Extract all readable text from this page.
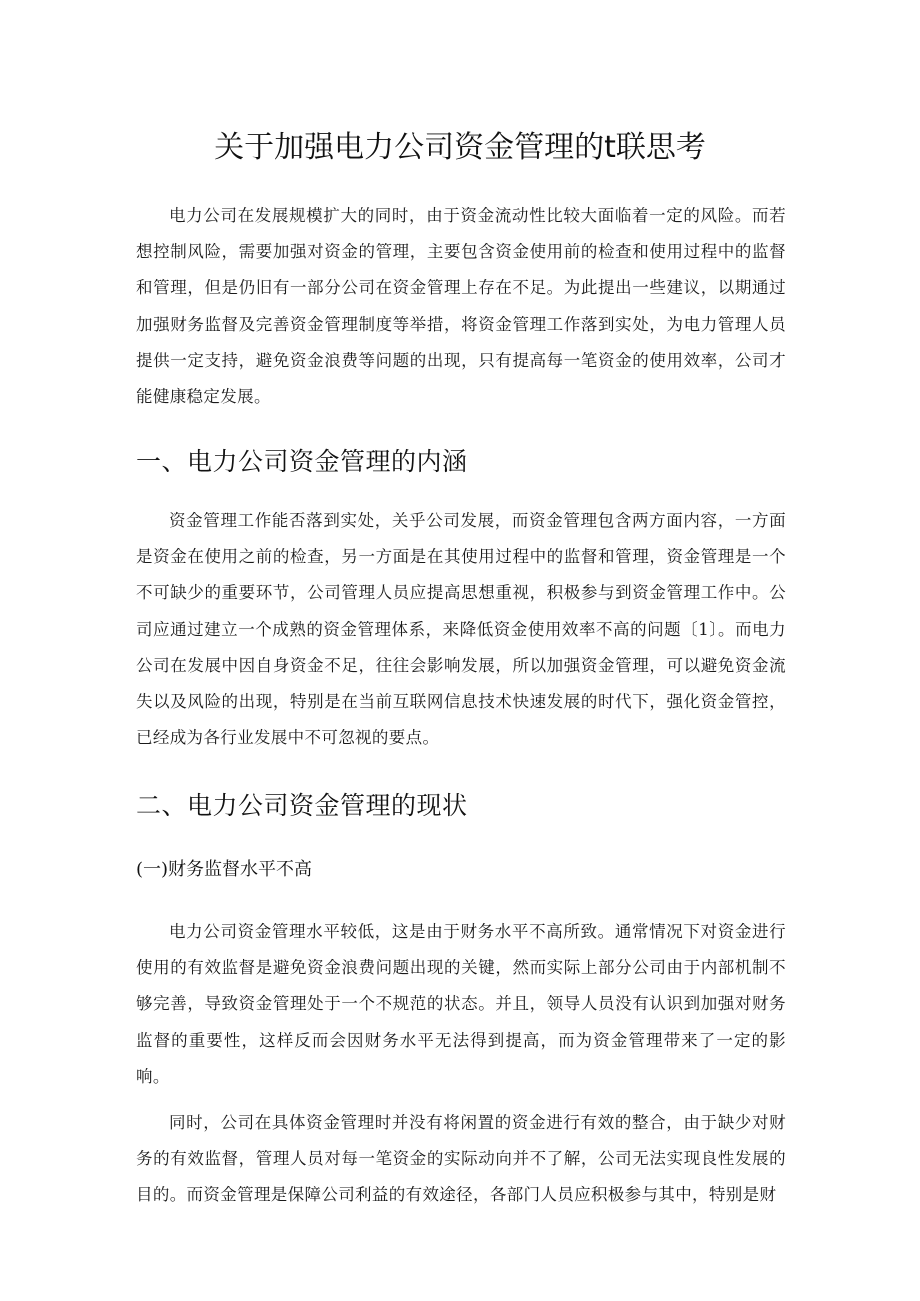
关于加强电力公司资金管理的t联思考

电力公司在发展规模扩大的同时，由于资金流动性比较大面临着一定的风险。而若想控制风险，需要加强对资金的管理，主要包含资金使用前的检查和使用过程中的监督和管理，但是仍旧有一部分公司在资金管理上存在不足。为此提出一些建议，以期通过加强财务监督及完善资金管理制度等举措，将资金管理工作落到实处，为电力管理人员提供一定支持，避免资金浪费等问题的出现，只有提高每一笔资金的使用效率，公司才能健康稳定发展。

一、电力公司资金管理的内涵

资金管理工作能否落到实处，关乎公司发展，而资金管理包含两方面内容，一方面是资金在使用之前的检查，另一方面是在其使用过程中的监督和管理，资金管理是一个不可缺少的重要环节，公司管理人员应提高思想重视，积极参与到资金管理工作中。公司应通过建立一个成熟的资金管理体系，来降低资金使用效率不高的问题〔1〕。而电力公司在发展中因自身资金不足，往往会影响发展，所以加强资金管理，可以避免资金流失以及风险的出现，特别是在当前互联网信息技术快速发展的时代下，强化资金管控，已经成为各行业发展中不可忽视的要点。

二、电力公司资金管理的现状
(一)财务监督水平不高

电力公司资金管理水平较低，这是由于财务水平不高所致。通常情况下对资金进行使用的有效监督是避免资金浪费问题出现的关键，然而实际上部分公司由于内部机制不够完善，导致资金管理处于一个不规范的状态。并且，领导人员没有认识到加强对财务监督的重要性，这样反而会因财务水平无法得到提高，而为资金管理带来了一定的影响。

同时，公司在具体资金管理时并没有将闲置的资金进行有效的整合，由于缺少对财务的有效监督，管理人员对每一笔资金的实际动向并不了解，公司无法实现良性发展的目的。而资金管理是保障公司利益的有效途径，各部门人员应积极参与其中，特别是财
